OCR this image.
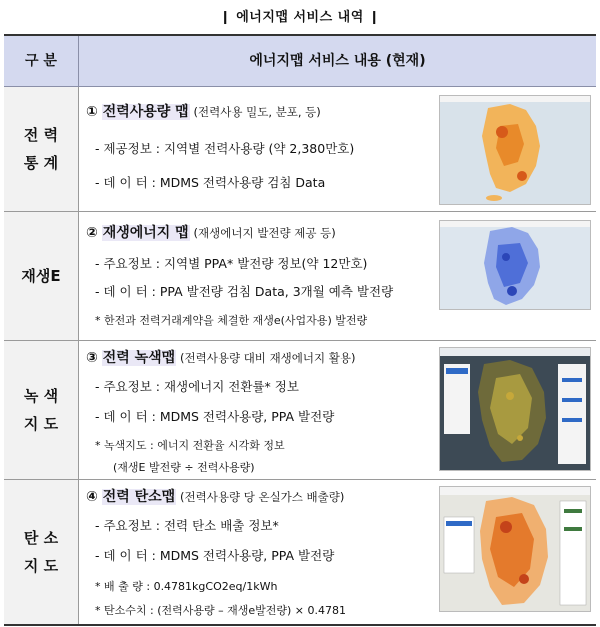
❙ 에너지맵 서비스 내역 ❙
구 분	에너지맵 서비스 내용 (현재)
전 력
통 계
① 전력사용량 맵 (전력사용 밀도, 분포, 등)
- 제공정보 : 지역별 전력사용량 (약 2,380만호)
- 데 이 터 : MDMS 전력사용량 검침 Data
재생E
② 재생에너지 맵 (재생에너지 발전량 제공 등)
- 주요정보 : 지역별 PPA* 발전량 정보(약 12만호)
- 데 이 터 : PPA 발전량 검침 Data, 3개월 예측 발전량
* 한전과 전력거래계약을 체결한 재생e(사업자용) 발전량
녹 색
지 도
③ 전력 녹색맵 (전력사용량 대비 재생에너지 활용)
- 주요정보 : 재생에너지 전환률* 정보
- 데 이 터 : MDMS 전력사용량, PPA 발전량
* 녹색지도 : 에너지 전환율 시각화 정보
(재생E 발전량 ÷ 전력사용량)
탄 소
지 도
④ 전력 탄소맵 (전력사용량 당 온실가스 배출량)
- 주요정보 : 전력 탄소 배출 정보*
- 데 이 터 : MDMS 전력사용량, PPA 발전량
* 배 출 량 : 0.4781kgCO2eq/1kWh
* 탄소수치 : (전력사용량 – 재생e발전량) × 0.4781
